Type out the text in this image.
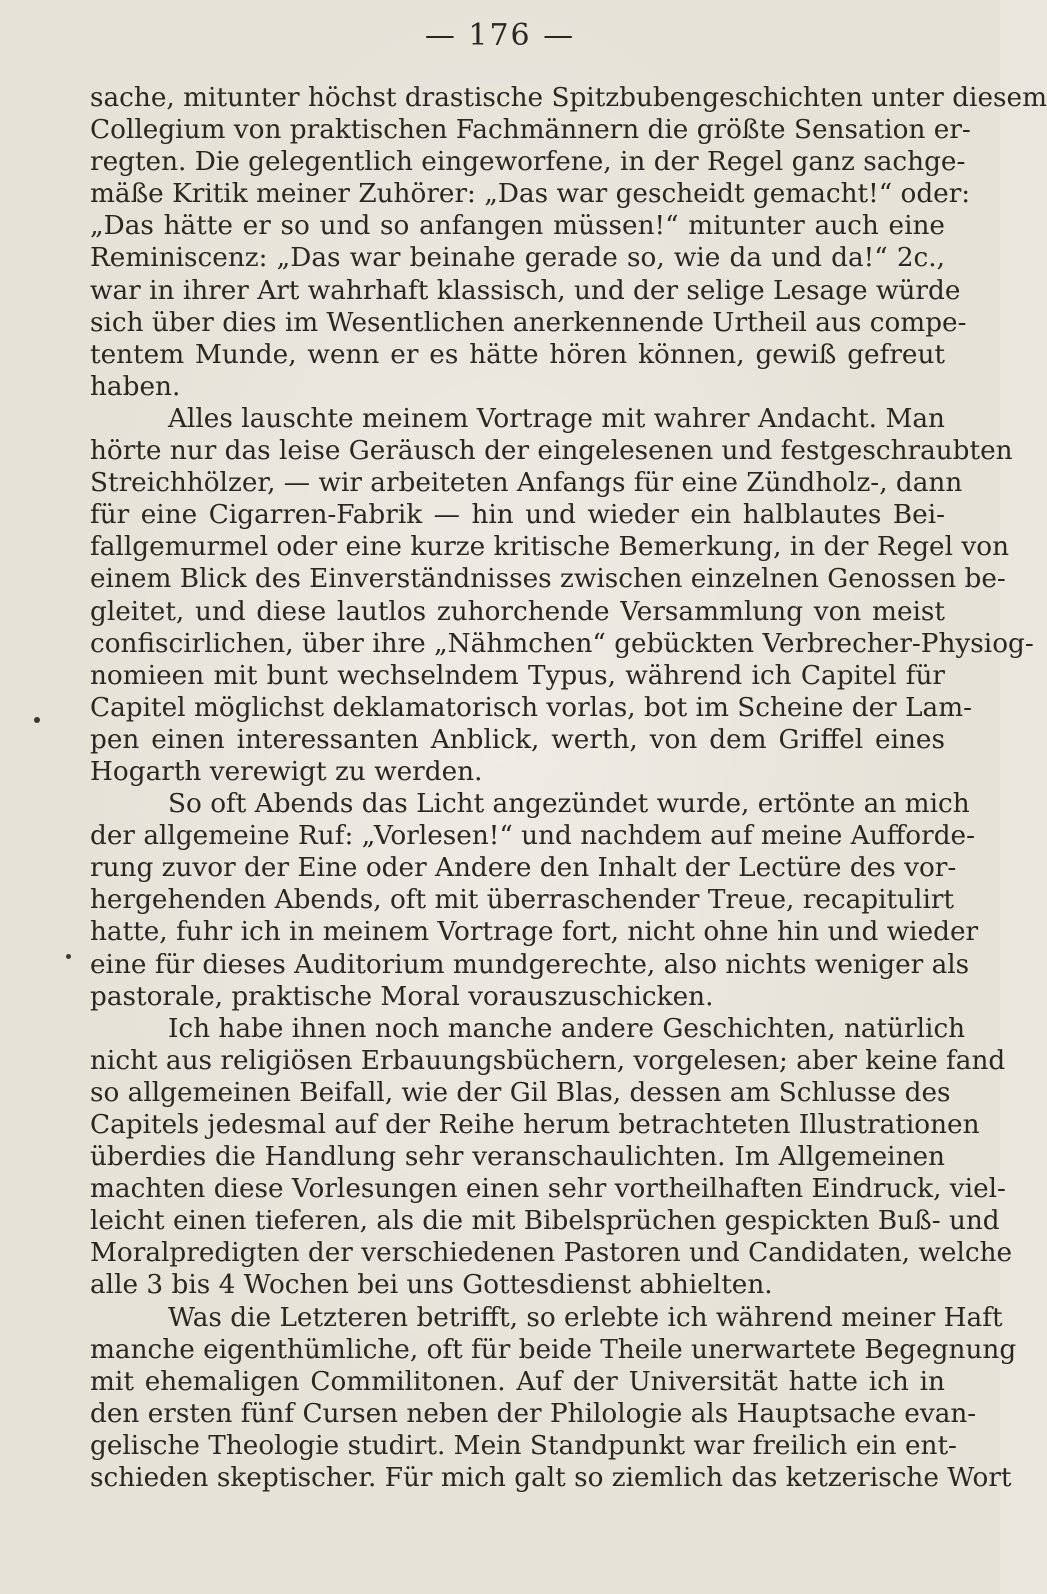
— 176 —
sache, mitunter höchst drastische Spitzbubengeschichten unter diesem
Collegium von praktischen Fachmännern die größte Sensation er-
regten. Die gelegentlich eingeworfene, in der Regel ganz sachge-
mäße Kritik meiner Zuhörer: „Das war gescheidt gemacht!“ oder:
„Das hätte er so und so anfangen müssen!“ mitunter auch eine
Reminiscenz: „Das war beinahe gerade so, wie da und da!“ 2c.,
war in ihrer Art wahrhaft klassisch, und der selige Lesage würde
sich über dies im Wesentlichen anerkennende Urtheil aus compe-
tentem Munde, wenn er es hätte hören können, gewiß gefreut
haben.
Alles lauschte meinem Vortrage mit wahrer Andacht. Man
hörte nur das leise Geräusch der eingelesenen und festgeschraubten
Streichhölzer, — wir arbeiteten Anfangs für eine Zündholz-, dann
für eine Cigarren-Fabrik — hin und wieder ein halblautes Bei-
fallgemurmel oder eine kurze kritische Bemerkung, in der Regel von
einem Blick des Einverständnisses zwischen einzelnen Genossen be-
gleitet, und diese lautlos zuhorchende Versammlung von meist
confiscirlichen, über ihre „Nähmchen“ gebückten Verbrecher-Physiog-
nomieen mit bunt wechselndem Typus, während ich Capitel für
Capitel möglichst deklamatorisch vorlas, bot im Scheine der Lam-
pen einen interessanten Anblick, werth, von dem Griffel eines
Hogarth verewigt zu werden.
So oft Abends das Licht angezündet wurde, ertönte an mich
der allgemeine Ruf: „Vorlesen!“ und nachdem auf meine Aufforde-
rung zuvor der Eine oder Andere den Inhalt der Lectüre des vor-
hergehenden Abends, oft mit überraschender Treue, recapitulirt
hatte, fuhr ich in meinem Vortrage fort, nicht ohne hin und wieder
eine für dieses Auditorium mundgerechte, also nichts weniger als
pastorale, praktische Moral vorauszuschicken.
Ich habe ihnen noch manche andere Geschichten, natürlich
nicht aus religiösen Erbauungsbüchern, vorgelesen; aber keine fand
so allgemeinen Beifall, wie der Gil Blas, dessen am Schlusse des
Capitels jedesmal auf der Reihe herum betrachteten Illustrationen
überdies die Handlung sehr veranschaulichten. Im Allgemeinen
machten diese Vorlesungen einen sehr vortheilhaften Eindruck, viel-
leicht einen tieferen, als die mit Bibelsprüchen gespickten Buß- und
Moralpredigten der verschiedenen Pastoren und Candidaten, welche
alle 3 bis 4 Wochen bei uns Gottesdienst abhielten.
Was die Letzteren betrifft, so erlebte ich während meiner Haft
manche eigenthümliche, oft für beide Theile unerwartete Begegnung
mit ehemaligen Commilitonen. Auf der Universität hatte ich in
den ersten fünf Cursen neben der Philologie als Hauptsache evan-
gelische Theologie studirt. Mein Standpunkt war freilich ein ent-
schieden skeptischer. Für mich galt so ziemlich das ketzerische Wort
